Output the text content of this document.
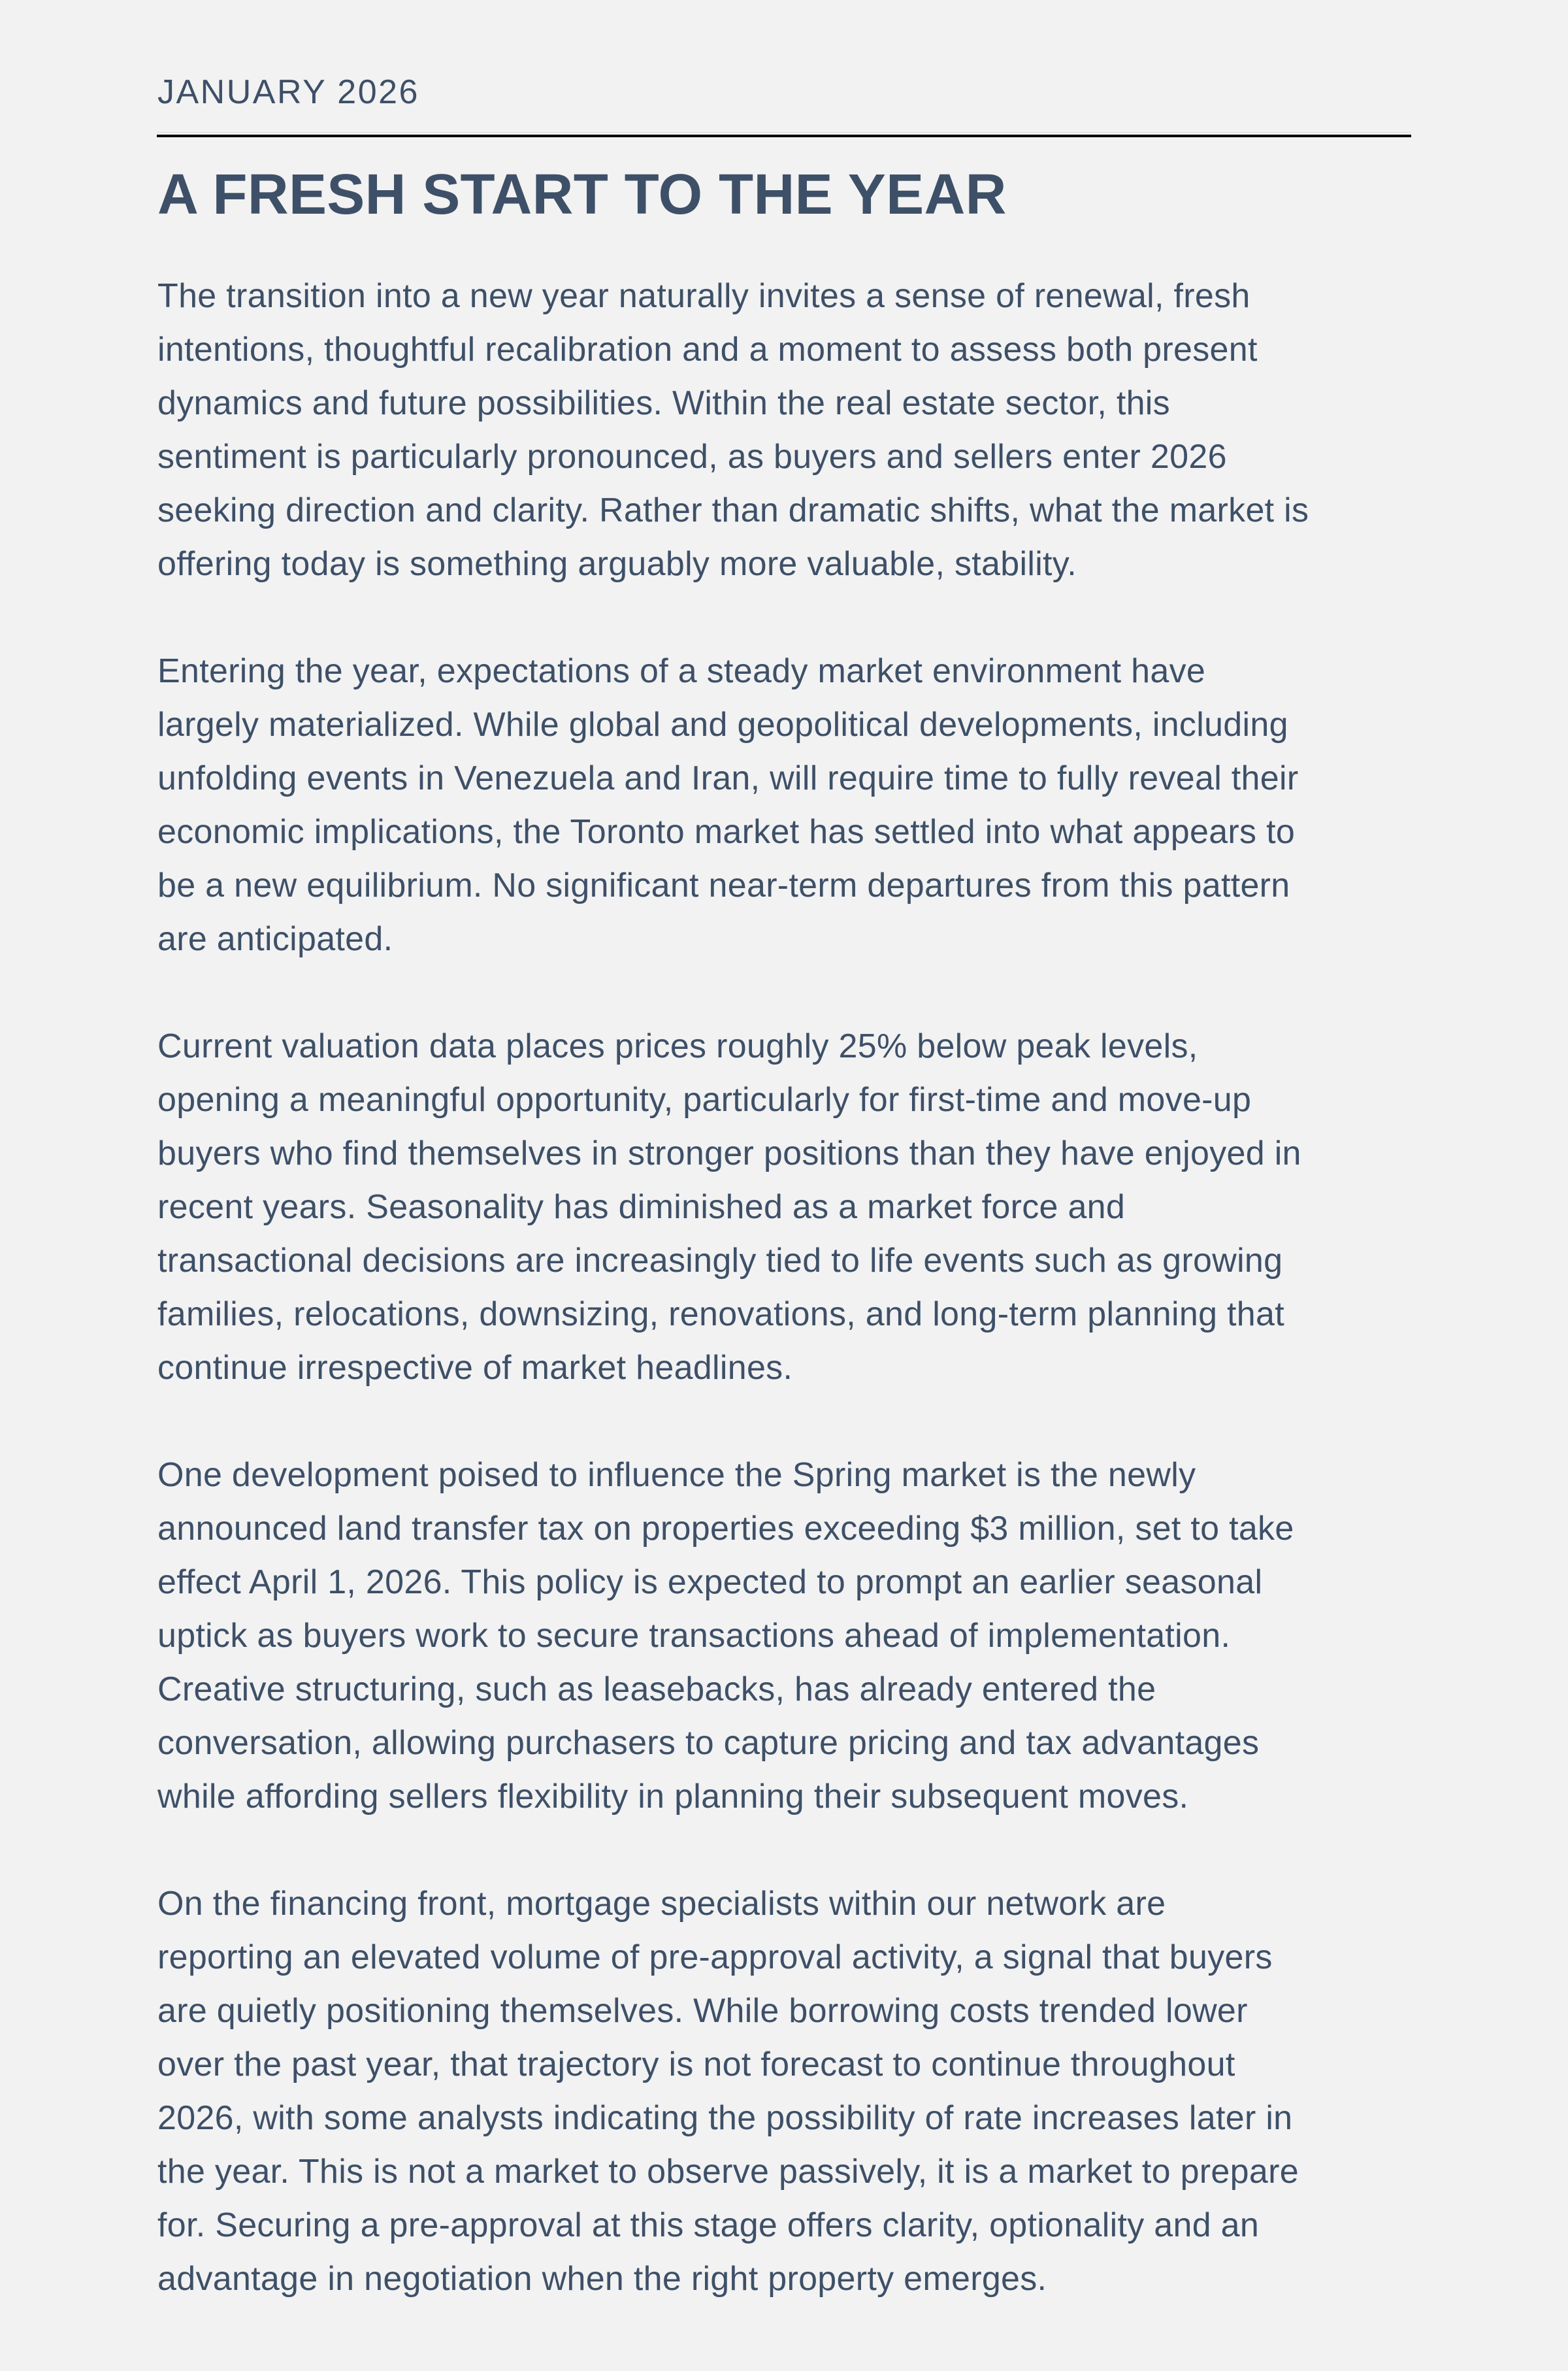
JANUARY 2026
A FRESH START TO THE YEAR

The transition into a new year naturally invites a sense of renewal, fresh
intentions, thoughtful recalibration and a moment to assess both present
dynamics and future possibilities. Within the real estate sector, this
sentiment is particularly pronounced, as buyers and sellers enter 2026
seeking direction and clarity. Rather than dramatic shifts, what the market is
offering today is something arguably more valuable, stability.

Entering the year, expectations of a steady market environment have
largely materialized. While global and geopolitical developments, including
unfolding events in Venezuela and Iran, will require time to fully reveal their
economic implications, the Toronto market has settled into what appears to
be a new equilibrium. No significant near-term departures from this pattern
are anticipated.

Current valuation data places prices roughly 25% below peak levels,
opening a meaningful opportunity, particularly for first-time and move-up
buyers who find themselves in stronger positions than they have enjoyed in
recent years. Seasonality has diminished as a market force and
transactional decisions are increasingly tied to life events such as growing
families, relocations, downsizing, renovations, and long-term planning that
continue irrespective of market headlines.

One development poised to influence the Spring market is the newly
announced land transfer tax on properties exceeding $3 million, set to take
effect April 1, 2026. This policy is expected to prompt an earlier seasonal
uptick as buyers work to secure transactions ahead of implementation.
Creative structuring, such as leasebacks, has already entered the
conversation, allowing purchasers to capture pricing and tax advantages
while affording sellers flexibility in planning their subsequent moves.

On the financing front, mortgage specialists within our network are
reporting an elevated volume of pre-approval activity, a signal that buyers
are quietly positioning themselves. While borrowing costs trended lower
over the past year, that trajectory is not forecast to continue throughout
2026, with some analysts indicating the possibility of rate increases later in
the year. This is not a market to observe passively, it is a market to prepare
for. Securing a pre-approval at this stage offers clarity, optionality and an
advantage in negotiation when the right property emerges.
